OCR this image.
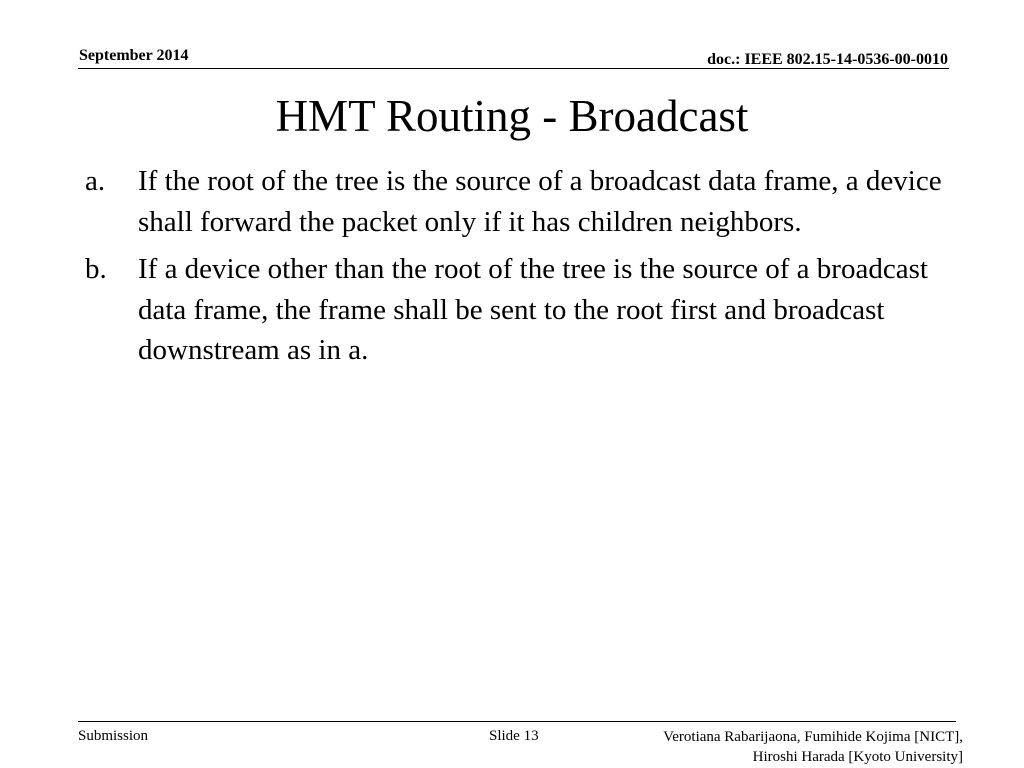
September 2014	doc.: IEEE 802.15-14-0536-00-0010
HMT Routing - Broadcast
a. If the root of the tree is the source of a broadcast data frame, a device shall forward the packet only if it has children neighbors.
b. If a device other than the root of the tree is the source of a broadcast data frame, the frame shall be sent to the root first and broadcast downstream as in a.
Submission	Slide 13	Verotiana Rabarijaona, Fumihide Kojima [NICT],
Hiroshi Harada [Kyoto University]
